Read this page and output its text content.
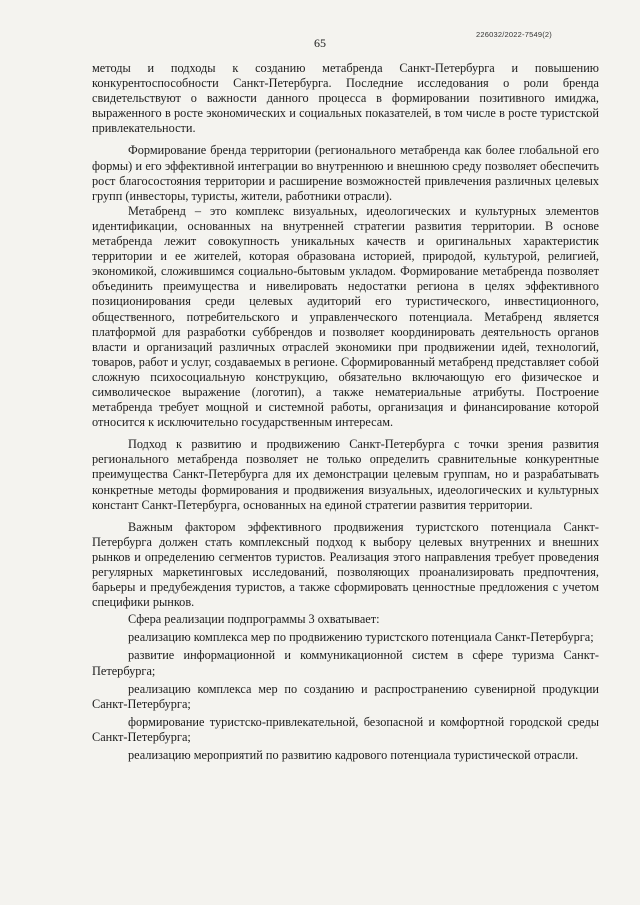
226032/2022-7549(2)
65

методы и подходы к созданию метабренда Санкт-Петербурга и повышению конкурентоспособности Санкт-Петербурга. Последние исследования о роли бренда свидетельствуют о важности данного процесса в формировании позитивного имиджа, выраженного в росте экономических и социальных показателей, в том числе в росте туристской привлекательности.

Формирование бренда территории (регионального метабренда как более глобальной его формы) и его эффективной интеграции во внутреннюю и внешнюю среду позволяет обеспечить рост благосостояния территории и расширение возможностей привлечения различных целевых групп (инвесторы, туристы, жители, работники отрасли).

Метабренд – это комплекс визуальных, идеологических и культурных элементов идентификации, основанных на внутренней стратегии развития территории. В основе метабренда лежит совокупность уникальных качеств и оригинальных характеристик территории и ее жителей, которая образована историей, природой, культурой, религией, экономикой, сложившимся социально-бытовым укладом. Формирование метабренда позволяет объединить преимущества и нивелировать недостатки региона в целях эффективного позиционирования среди целевых аудиторий его туристического, инвестиционного, общественного, потребительского и управленческого потенциала. Метабренд является платформой для разработки суббрендов и позволяет координировать деятельность органов власти и организаций различных отраслей экономики при продвижении идей, технологий, товаров, работ и услуг, создаваемых в регионе. Сформированный метабренд представляет собой сложную психосоциальную конструкцию, обязательно включающую его физическое и символическое выражение (логотип), а также нематериальные атрибуты. Построение метабренда требует мощной и системной работы, организация и финансирование которой относится к исключительно государственным интересам.

Подход к развитию и продвижению Санкт-Петербурга с точки зрения развития регионального метабренда позволяет не только определить сравнительные конкурентные преимущества Санкт-Петербурга для их демонстрации целевым группам, но и разрабатывать конкретные методы формирования и продвижения визуальных, идеологических и культурных констант Санкт-Петербурга, основанных на единой стратегии развития территории.

Важным фактором эффективного продвижения туристского потенциала Санкт-Петербурга должен стать комплексный подход к выбору целевых внутренних и внешних рынков и определению сегментов туристов. Реализация этого направления требует проведения регулярных маркетинговых исследований, позволяющих проанализировать предпочтения, барьеры и предубеждения туристов, а также сформировать ценностные предложения с учетом специфики рынков.

Сфера реализации подпрограммы 3 охватывает:

реализацию комплекса мер по продвижению туристского потенциала Санкт-Петербурга;

развитие информационной и коммуникационной систем в сфере туризма Санкт-Петербурга;

реализацию комплекса мер по созданию и распространению сувенирной продукции Санкт-Петербурга;

формирование туристско-привлекательной, безопасной и комфортной городской среды Санкт-Петербурга;

реализацию мероприятий по развитию кадрового потенциала туристической отрасли.
